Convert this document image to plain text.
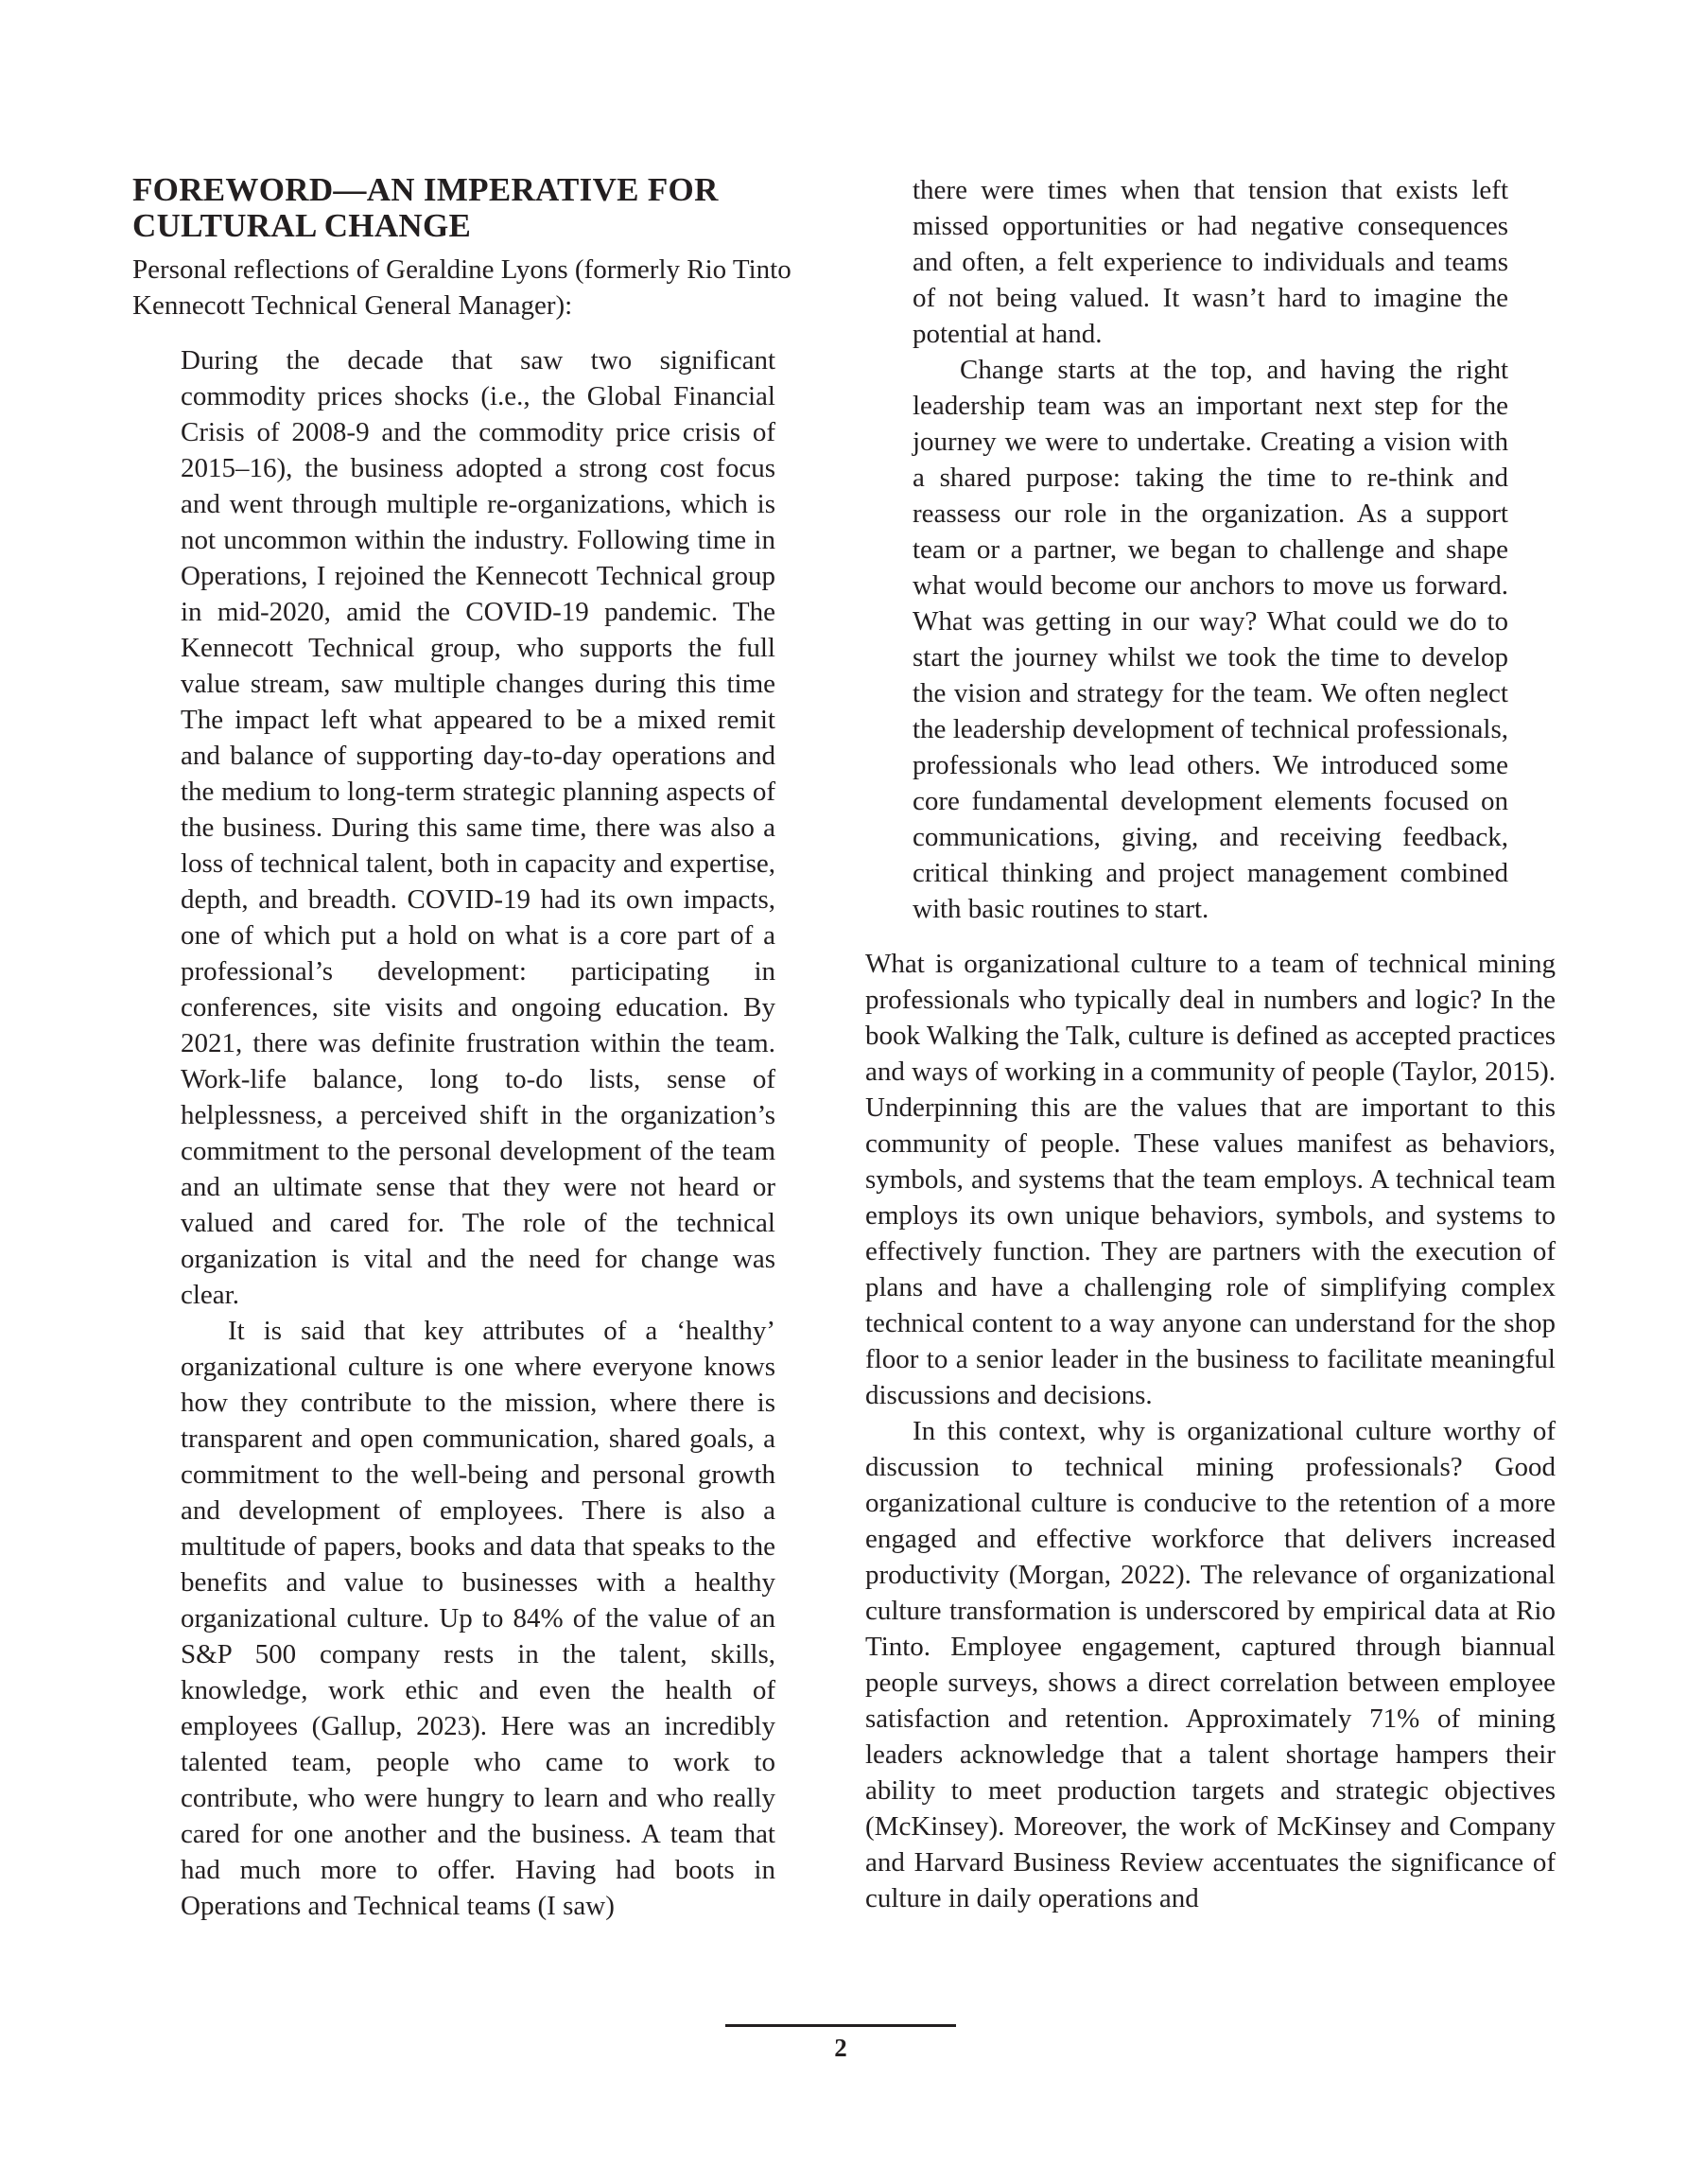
FOREWORD—AN IMPERATIVE FOR CULTURAL CHANGE

Personal reflections of Geraldine Lyons (formerly Rio Tinto Kennecott Technical General Manager):

During the decade that saw two significant commodity prices shocks (i.e., the Global Financial Crisis of 2008-9 and the commodity price crisis of 2015–16), the business adopted a strong cost focus and went through multiple re-organizations, which is not uncommon within the industry. Following time in Operations, I rejoined the Kennecott Technical group in mid-2020, amid the COVID-19 pandemic. The Kennecott Technical group, who supports the full value stream, saw multiple changes during this time The impact left what appeared to be a mixed remit and balance of supporting day-to-day operations and the medium to long-term strategic planning aspects of the business. During this same time, there was also a loss of technical talent, both in capacity and expertise, depth, and breadth. COVID-19 had its own impacts, one of which put a hold on what is a core part of a professional’s development: participating in conferences, site visits and ongoing education. By 2021, there was definite frustration within the team. Work-life balance, long to-do lists, sense of helplessness, a perceived shift in the organization’s commitment to the personal development of the team and an ultimate sense that they were not heard or valued and cared for. The role of the technical organization is vital and the need for change was clear.

It is said that key attributes of a ‘healthy’ organizational culture is one where everyone knows how they contribute to the mission, where there is transparent and open communication, shared goals, a commitment to the well-being and personal growth and development of employees. There is also a multitude of papers, books and data that speaks to the benefits and value to businesses with a healthy organizational culture. Up to 84% of the value of an S&P 500 company rests in the talent, skills, knowledge, work ethic and even the health of employees (Gallup, 2023). Here was an incredibly talented team, people who came to work to contribute, who were hungry to learn and who really cared for one another and the business. A team that had much more to offer. Having had boots in Operations and Technical teams (I saw)

there were times when that tension that exists left missed opportunities or had negative consequences and often, a felt experience to individuals and teams of not being valued. It wasn’t hard to imagine the potential at hand.

Change starts at the top, and having the right leadership team was an important next step for the journey we were to undertake. Creating a vision with a shared purpose: taking the time to re-think and reassess our role in the organization. As a support team or a partner, we began to challenge and shape what would become our anchors to move us forward. What was getting in our way? What could we do to start the journey whilst we took the time to develop the vision and strategy for the team. We often neglect the leadership development of technical professionals, professionals who lead others. We introduced some core fundamental development elements focused on communications, giving, and receiving feedback, critical thinking and project management combined with basic routines to start.

What is organizational culture to a team of technical mining professionals who typically deal in numbers and logic? In the book Walking the Talk, culture is defined as accepted practices and ways of working in a community of people (Taylor, 2015). Underpinning this are the values that are important to this community of people. These values manifest as behaviors, symbols, and systems that the team employs. A technical team employs its own unique behaviors, symbols, and systems to effectively function. They are partners with the execution of plans and have a challenging role of simplifying complex technical content to a way anyone can understand for the shop floor to a senior leader in the business to facilitate meaningful discussions and decisions.

In this context, why is organizational culture worthy of discussion to technical mining professionals? Good organizational culture is conducive to the retention of a more engaged and effective workforce that delivers increased productivity (Morgan, 2022). The relevance of organizational culture transformation is underscored by empirical data at Rio Tinto. Employee engagement, captured through biannual people surveys, shows a direct correlation between employee satisfaction and retention. Approximately 71% of mining leaders acknowledge that a talent shortage hampers their ability to meet production targets and strategic objectives (McKinsey). Moreover, the work of McKinsey and Company and Harvard Business Review accentuates the significance of culture in daily operations and

2
